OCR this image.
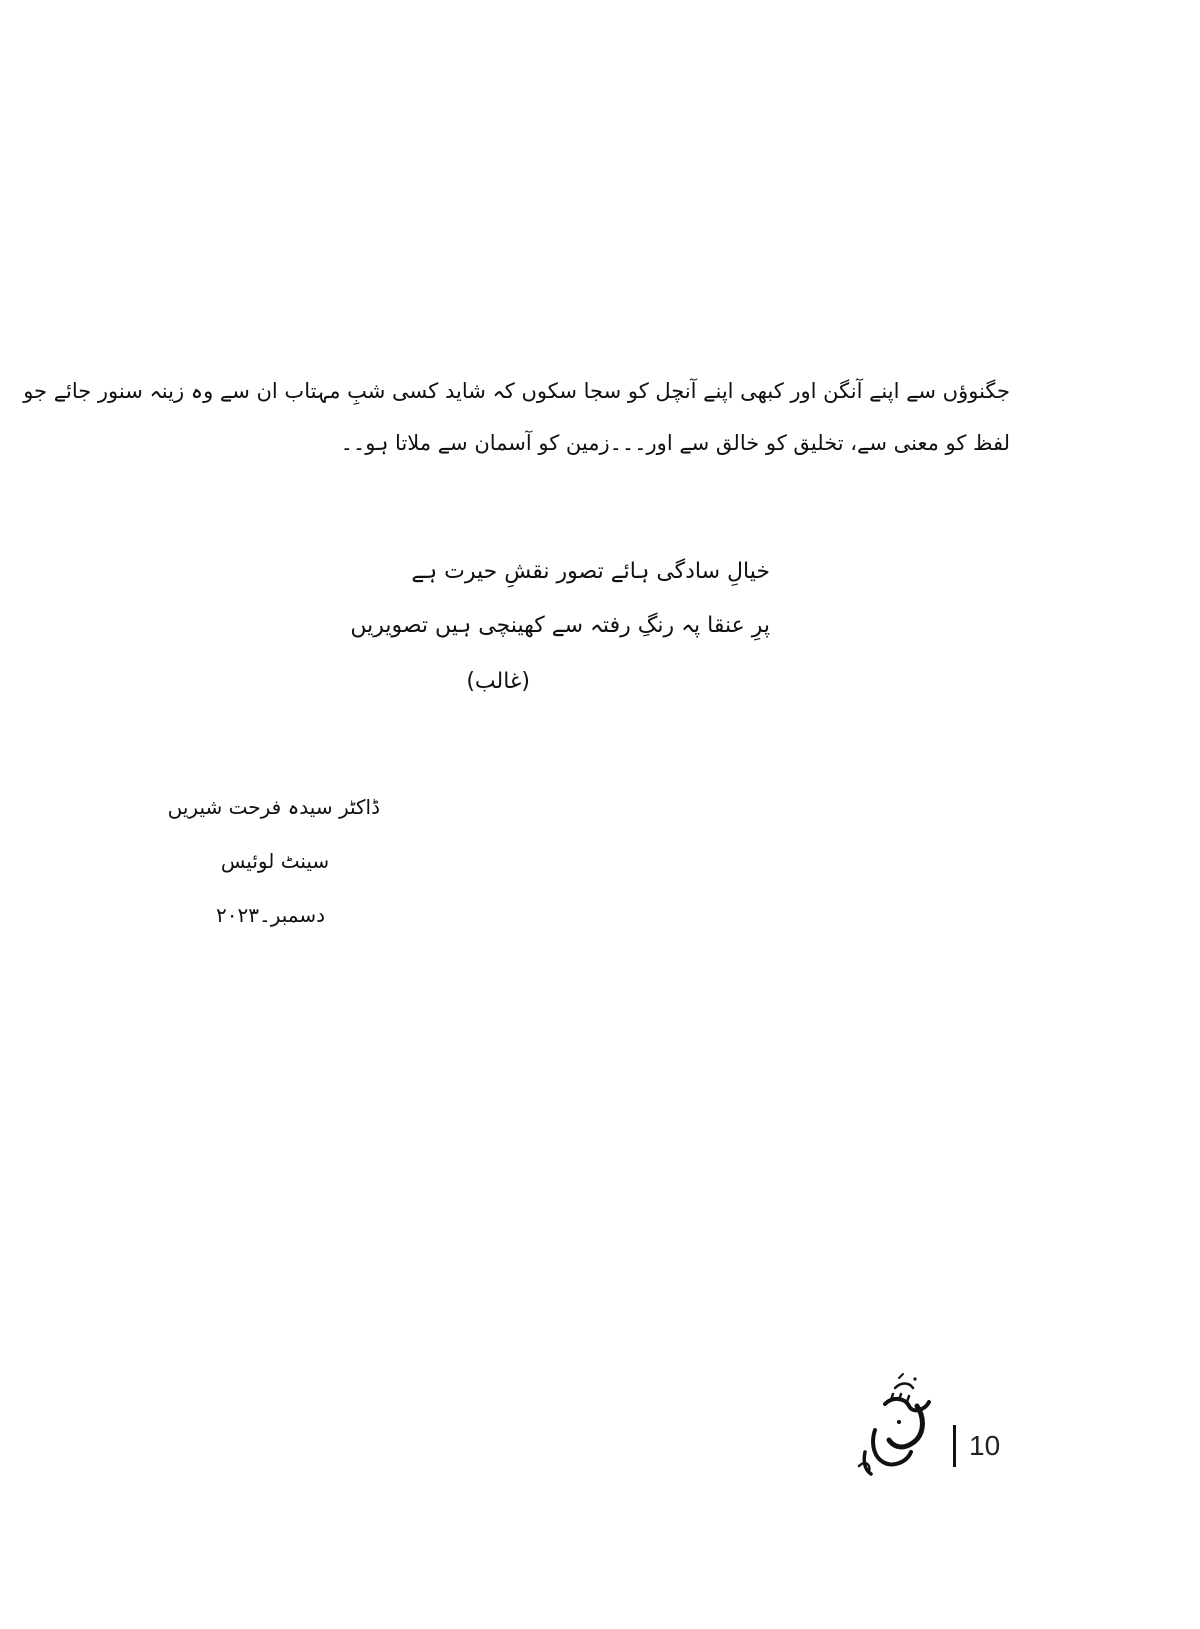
جگنوؤں سے اپنے آنگن اور کبھی اپنے آنچل کو سجا سکوں کہ شاید کسی شبِ مہتاب ان سے وہ زینہ سنور جائے جو
لفظ کو معنی سے، تخلیق کو خالق سے اور۔۔۔زمین کو آسمان سے ملاتا ہو۔۔
خیالِ سادگی ہائے تصور نقشِ حیرت ہے
پرِ عنقا پہ رنگِ رفتہ سے کھینچی ہیں تصویریں
(غالب)
ڈاکٹر سیدہ فرحت شیریں
سینٹ لوئیس
دسمبر۔۲۰۲۳
10
